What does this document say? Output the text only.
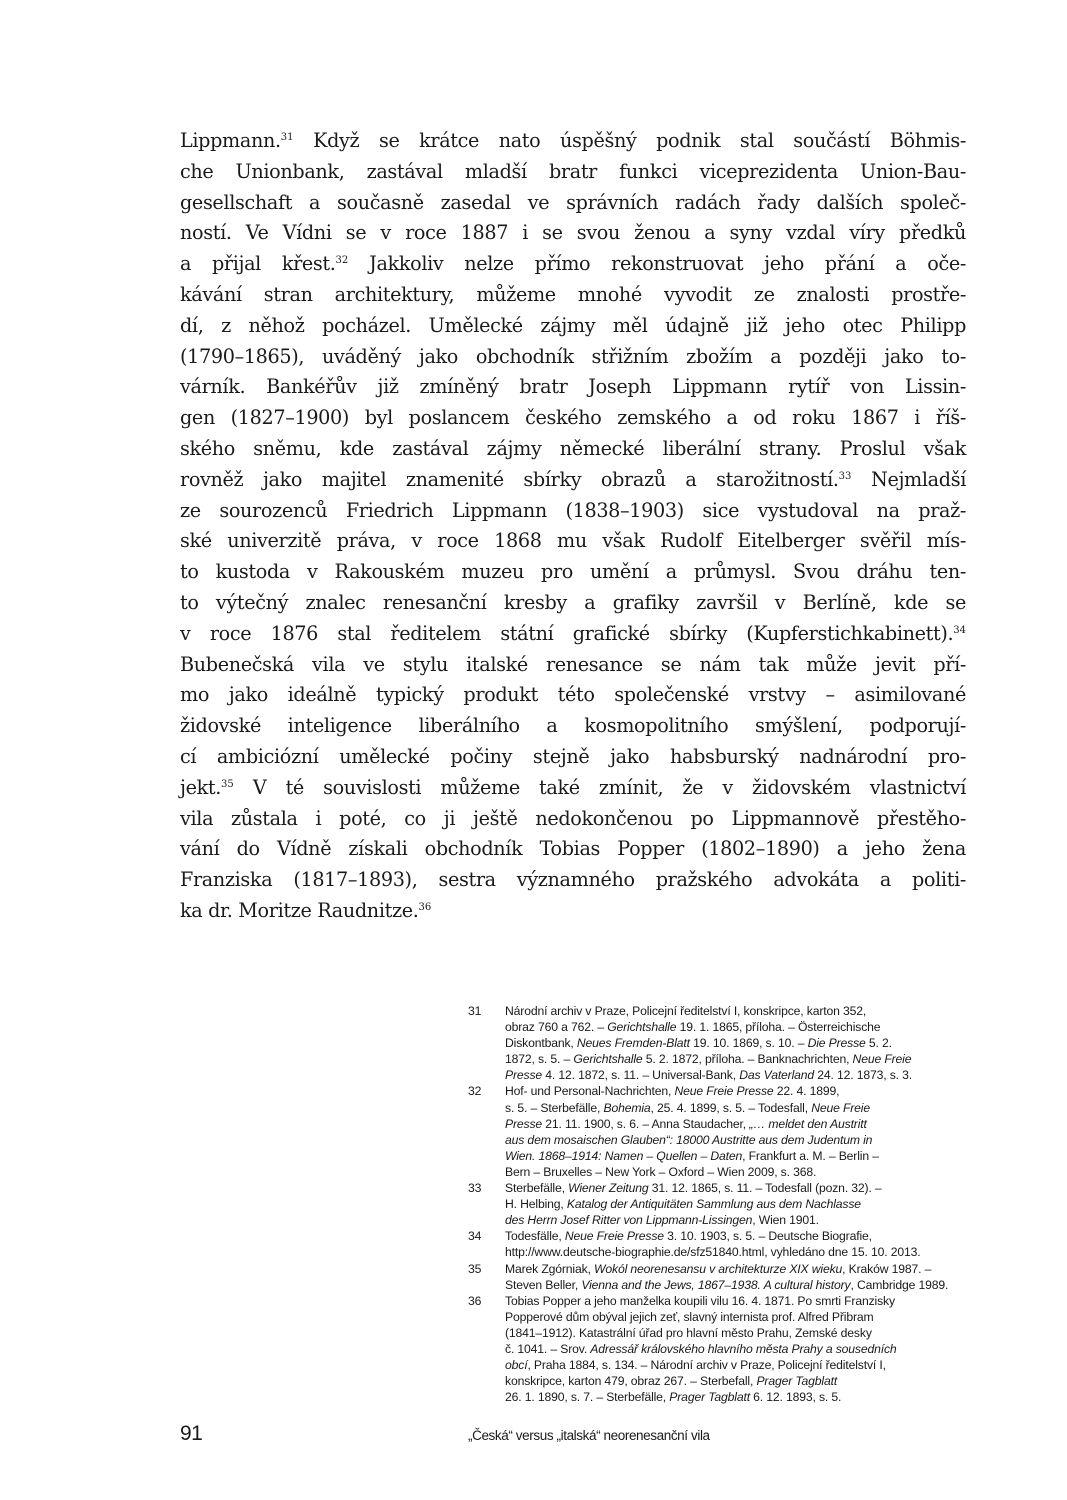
Lippmann.$^{31}$ Když se krátce nato úspěšný podnik stal součástí Böhmis-
che Unionbank, zastával mladší bratr funkci viceprezidenta Union-Bau-
gesellschaft a současně zasedal ve správních radách řady dalších společ-
ností. Ve Vídni se v roce 1887 i se svou ženou a syny vzdal víry předků
a přijal křest.$^{32}$ Jakkoliv nelze přímo rekonstruovat jeho přání a oče-
kávání stran architektury, můžeme mnohé vyvodit ze znalosti prostře-
dí, z něhož pocházel. Umělecké zájmy měl údajně již jeho otec Philipp
(1790–1865), uváděný jako obchodník střižním zbožím a později jako to-
várník. Bankéřův již zmíněný bratr Joseph Lippmann rytíř von Lissin-
gen (1827–1900) byl poslancem českého zemského a od roku 1867 i říš-
ského sněmu, kde zastával zájmy německé liberální strany. Proslul však
rovněž jako majitel znamenité sbírky obrazů a starožitností.$^{33}$ Nejmladší
ze sourozenců Friedrich Lippmann (1838–1903) sice vystudoval na praž-
ské univerzitě práva, v roce 1868 mu však Rudolf Eitelberger svěřil mís-
to kustoda v Rakouském muzeu pro umění a průmysl. Svou dráhu ten-
to výtečný znalec renesanční kresby a grafiky završil v Berlíně, kde se
v roce 1876 stal ředitelem státní grafické sbírky (Kupferstichkabinett).$^{34}$
Bubenečská vila ve stylu italské renesance se nám tak může jevit pří-
mo jako ideálně typický produkt této společenské vrstvy – asimilované
židovské inteligence liberálního a kosmopolitního smýšlení, podporují-
cí ambiciózní umělecké počiny stejně jako habsburský nadnárodní pro-
jekt.$^{35}$ V té souvislosti můžeme také zmínit, že v židovském vlastnictví
vila zůstala i poté, co ji ještě nedokončenou po Lippmannově přestěho-
vání do Vídně získali obchodník Tobias Popper (1802–1890) a jeho žena
Franziska (1817–1893), sestra významného pražského advokáta a politi-
ka dr. Moritze Raudnitze.$^{36}$
31	Národní archiv v Praze, Policejní ředitelství I, konskripce, karton 352,
obraz 760 a 762. – Gerichtshalle 19. 1. 1865, příloha. – Österreichische
Diskontbank, Neues Fremden-Blatt 19. 10. 1869, s. 10. – Die Presse 5. 2.
1872, s. 5. – Gerichtshalle 5. 2. 1872, příloha. – Banknachrichten, Neue Freie
Presse 4. 12. 1872, s. 11. – Universal-Bank, Das Vaterland 24. 12. 1873, s. 3.
32	Hof- und Personal-Nachrichten, Neue Freie Presse 22. 4. 1899,
s. 5. – Sterbefälle, Bohemia, 25. 4. 1899, s. 5. – Todesfall, Neue Freie
Presse 21. 11. 1900, s. 6. – Anna Staudacher, „… meldet den Austritt
aus dem mosaischen Glauben“: 18000 Austritte aus dem Judentum in
Wien. 1868–1914: Namen – Quellen – Daten, Frankfurt a. M. – Berlin –
Bern – Bruxelles – New York – Oxford – Wien 2009, s. 368.
33	Sterbefälle, Wiener Zeitung 31. 12. 1865, s. 11. – Todesfall (pozn. 32). –
H. Helbing, Katalog der Antiquitäten Sammlung aus dem Nachlasse
des Herrn Josef Ritter von Lippmann-Lissingen, Wien 1901.
34	Todesfälle, Neue Freie Presse 3. 10. 1903, s. 5. – Deutsche Biografie,
http://www.deutsche-biographie.de/sfz51840.html, vyhledáno dne 15. 10. 2013.
35	Marek Zgórniak, Wokól neorenesansu v architekturze XIX wieku, Kraków 1987. –
Steven Beller, Vienna and the Jews, 1867–1938. A cultural history, Cambridge 1989.
36	Tobias Popper a jeho manželka koupili vilu 16. 4. 1871. Po smrti Franzisky
Popperové dům obýval jejich zeť, slavný internista prof. Alfred Přibram
(1841–1912). Katastrální úřad pro hlavní město Prahu, Zemské desky
č. 1041. – Srov. Adressář královského hlavního města Prahy a sousedních
obcí, Praha 1884, s. 134. – Národní archiv v Praze, Policejní ředitelství I,
konskripce, karton 479, obraz 267. – Sterbefall, Prager Tagblatt
26. 1. 1890, s. 7. – Sterbefälle, Prager Tagblatt 6. 12. 1893, s. 5.
91	„Česká“ versus „italská“ neorenesanční vila
